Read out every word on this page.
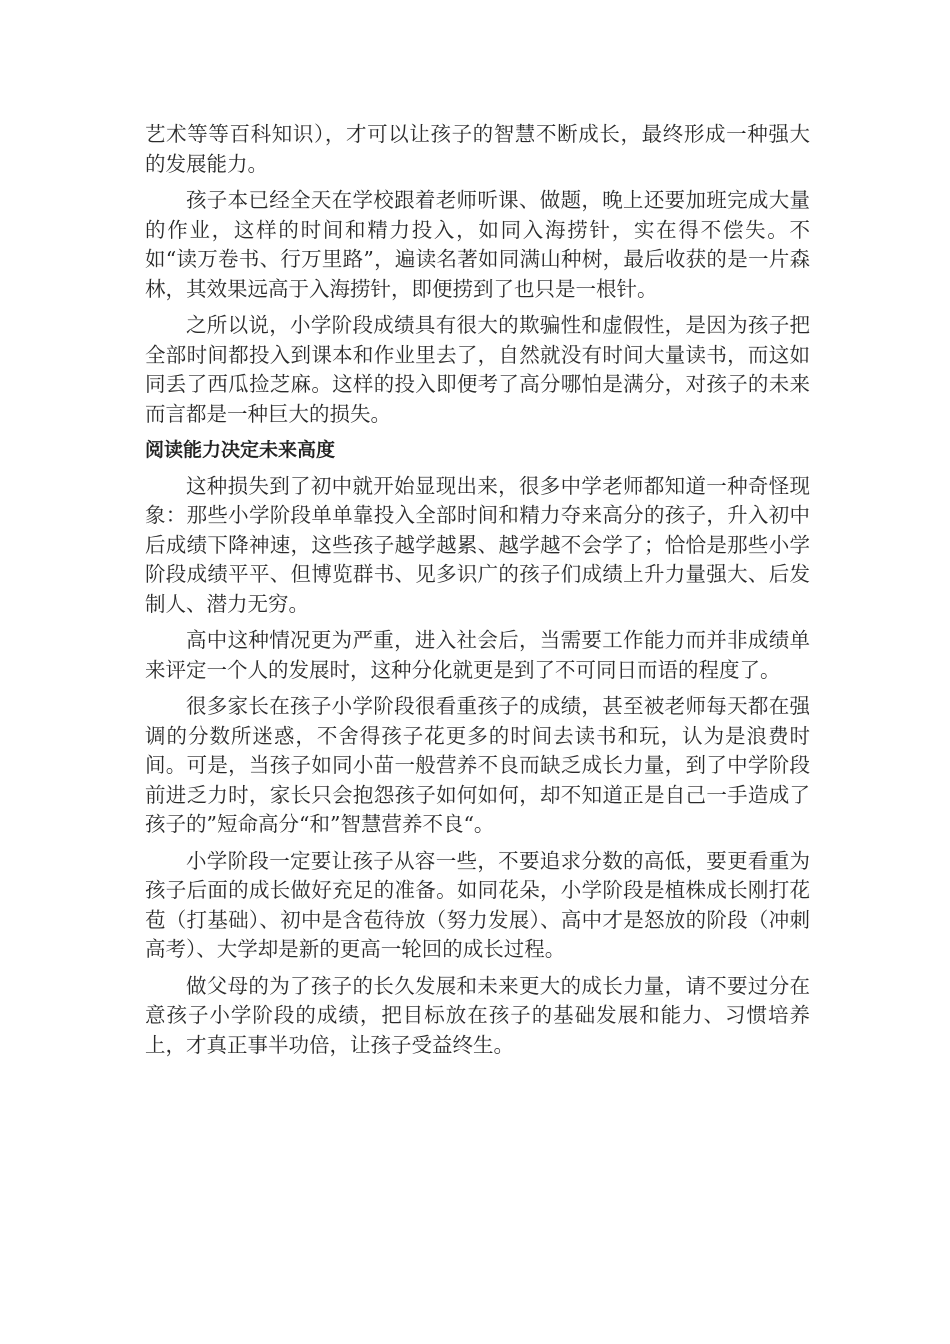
艺术等等百科知识），才可以让孩子的智慧不断成长，最终形成一种强大的发展能力。

孩子本已经全天在学校跟着老师听课、做题，晚上还要加班完成大量的作业，这样的时间和精力投入，如同入海捞针，实在得不偿失。不如“读万卷书、行万里路”，遍读名著如同满山种树，最后收获的是一片森林，其效果远高于入海捞针，即便捞到了也只是一根针。

之所以说，小学阶段成绩具有很大的欺骗性和虚假性，是因为孩子把全部时间都投入到课本和作业里去了，自然就没有时间大量读书，而这如同丢了西瓜捡芝麻。这样的投入即便考了高分哪怕是满分，对孩子的未来而言都是一种巨大的损失。

阅读能力决定未来高度

这种损失到了初中就开始显现出来，很多中学老师都知道一种奇怪现象：那些小学阶段单单靠投入全部时间和精力夺来高分的孩子，升入初中后成绩下降神速，这些孩子越学越累、越学越不会学了；恰恰是那些小学阶段成绩平平、但博览群书、见多识广的孩子们成绩上升力量强大、后发制人、潜力无穷。

高中这种情况更为严重，进入社会后，当需要工作能力而并非成绩单来评定一个人的发展时，这种分化就更是到了不可同日而语的程度了。

很多家长在孩子小学阶段很看重孩子的成绩，甚至被老师每天都在强调的分数所迷惑，不舍得孩子花更多的时间去读书和玩，认为是浪费时间。可是，当孩子如同小苗一般营养不良而缺乏成长力量，到了中学阶段前进乏力时，家长只会抱怨孩子如何如何，却不知道正是自己一手造成了孩子的”短命高分“和”智慧营养不良“。

小学阶段一定要让孩子从容一些，不要追求分数的高低，要更看重为孩子后面的成长做好充足的准备。如同花朵，小学阶段是植株成长刚打花苞（打基础）、初中是含苞待放（努力发展）、高中才是怒放的阶段（冲刺高考）、大学却是新的更高一轮回的成长过程。

做父母的为了孩子的长久发展和未来更大的成长力量，请不要过分在意孩子小学阶段的成绩，把目标放在孩子的基础发展和能力、习惯培养上，才真正事半功倍，让孩子受益终生。
